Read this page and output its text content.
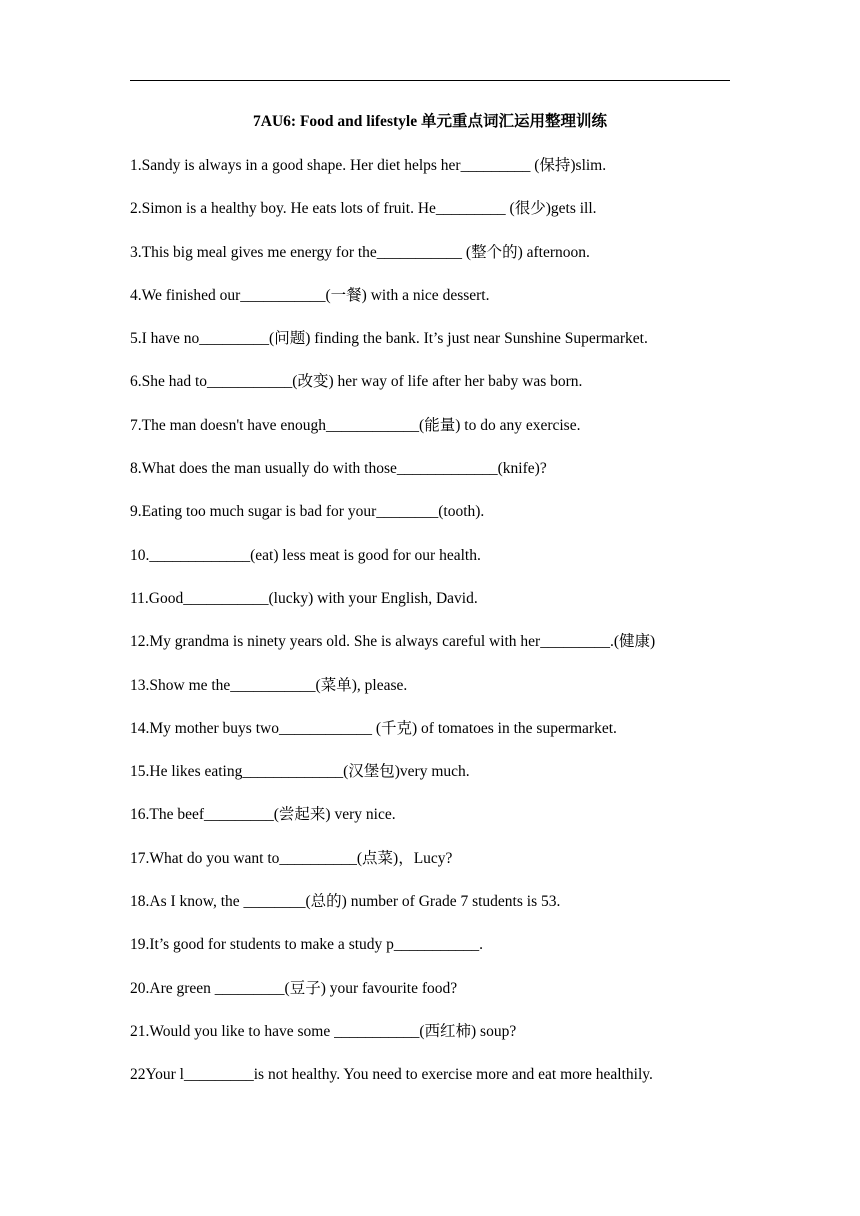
7AU6: Food and lifestyle 单元重点词汇运用整理训练
1.Sandy is always in a good shape. Her diet helps her_________ (保持)slim.
2.Simon is a healthy boy. He eats lots of fruit. He_________ (很少)gets ill.
3.This big meal gives me energy for the___________ (整个的) afternoon.
4.We finished our___________(一餐) with a nice dessert.
5.I have no_________(问题) finding the bank. It’s just near Sunshine Supermarket.
6.She had to___________(改变) her way of life after her baby was born.
7.The man doesn't have enough____________(能量) to do any exercise.
8.What does the man usually do with those_____________(knife)?
9.Eating too much sugar is bad for your________(tooth).
10._____________(eat) less meat is good for our health.
11.Good___________(lucky) with your English, David.
12.My grandma is ninety years old. She is always careful with her_________.(健康)
13.Show me the___________(菜单), please.
14.My mother buys two____________ (千克) of tomatoes in the supermarket.
15.He likes eating_____________(汉堡包)very much.
16.The beef_________(尝起来) very nice.
17.What do you want to__________(点菜)，Lucy?
18.As I know, the ________(总的) number of Grade 7 students is 53.
19.It’s good for students to make a study p___________.
20.Are green _________(豆子) your favourite food?
21.Would you like to have some ___________(西红柿) soup?
22Your l_________is not healthy. You need to exercise more and eat more healthily.
